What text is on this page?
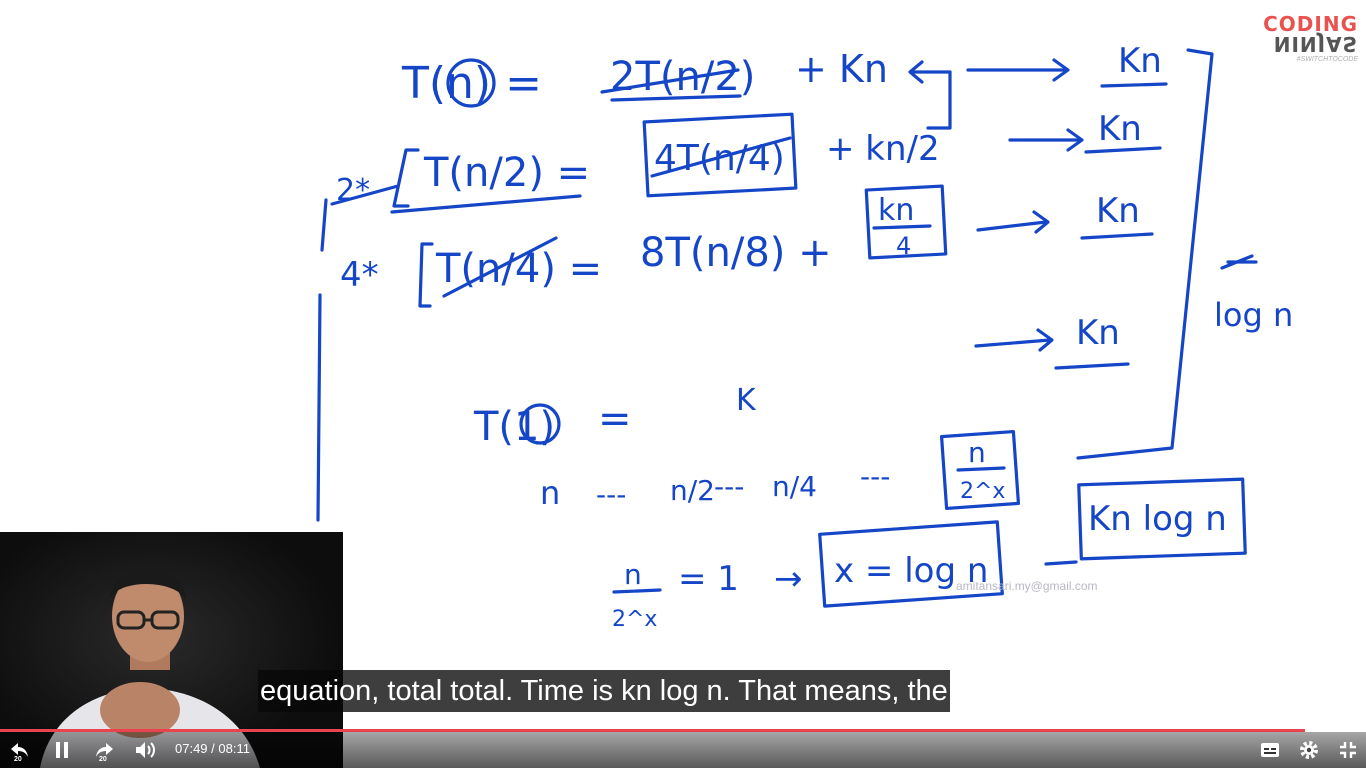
T(n) = 2T(n/2) + Kn	Kn
2* T(n/2) = 4T(n/4) + kn/2	Kn
4* T(n/4) = 8T(n/8) +
kn
4
Kn
Kn	log n
T(1) =	K
n --- n/2 --- n/4 ---
n
2^x
n
2^x
= 1 → x = log n
Kn log n
CODING
NINJAS
#SWITCHTOCODE
amitansari.my@gmail.com
equation, total total. Time is kn log n. That means, the
20	20
07:49 / 08:11
